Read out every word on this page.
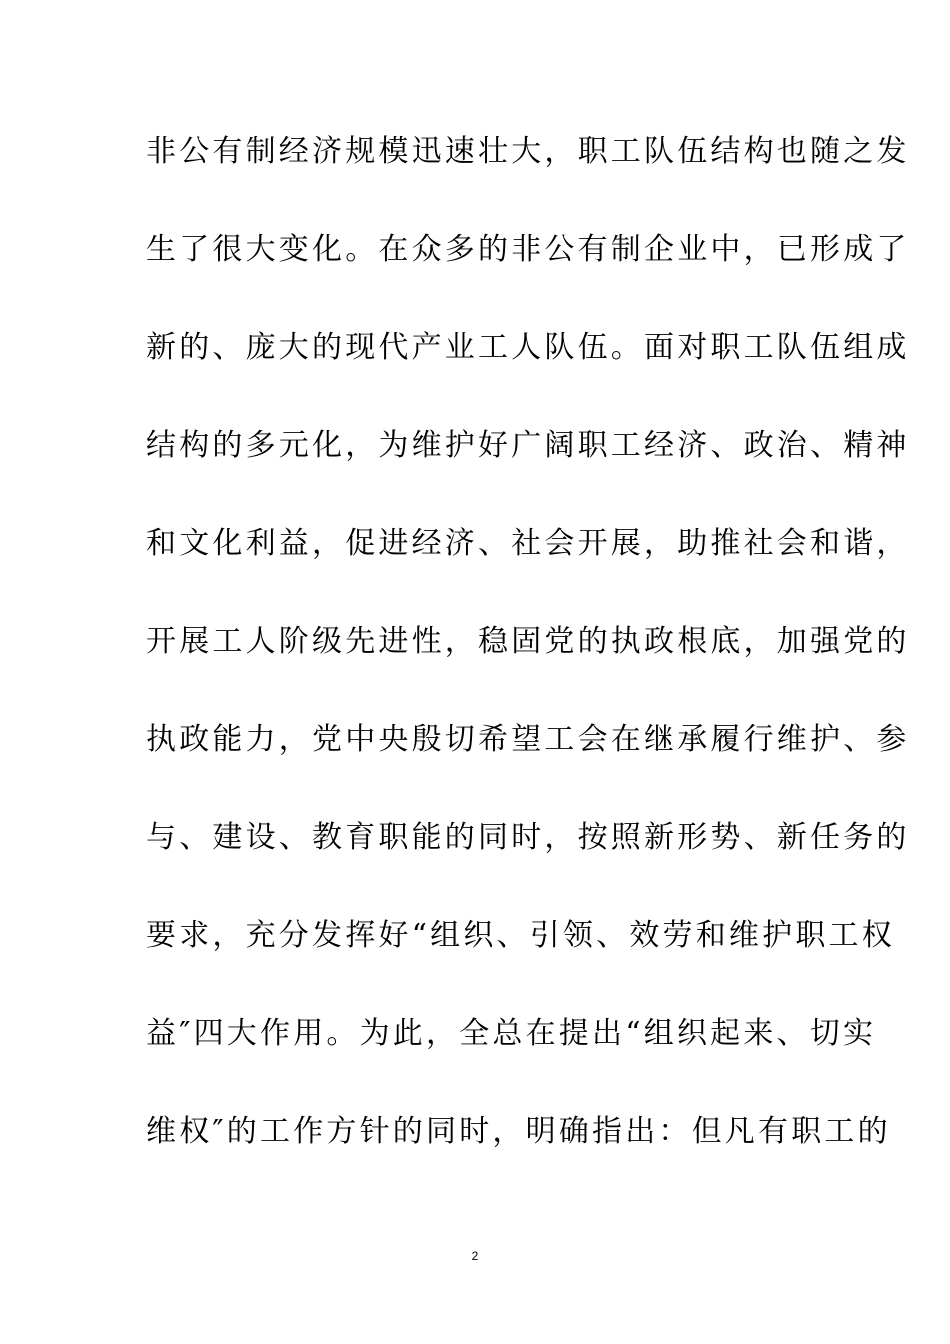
非公有制经济规模迅速壮大，职工队伍结构也随之发
生了很大变化。在众多的非公有制企业中，已形成了
新的、庞大的现代产业工人队伍。面对职工队伍组成
结构的多元化，为维护好广阔职工经济、政治、精神
和文化利益，促进经济、社会开展，助推社会和谐，
开展工人阶级先进性，稳固党的执政根底，加强党的
执政能力，党中央殷切希望工会在继承履行维护、参
与、建设、教育职能的同时，按照新形势、新任务的
要求，充分发挥好“组织、引领、效劳和维护职工权
益″四大作用。为此，全总在提出“组织起来、切实
维权″的工作方针的同时，明确指出：但凡有职工的
2
